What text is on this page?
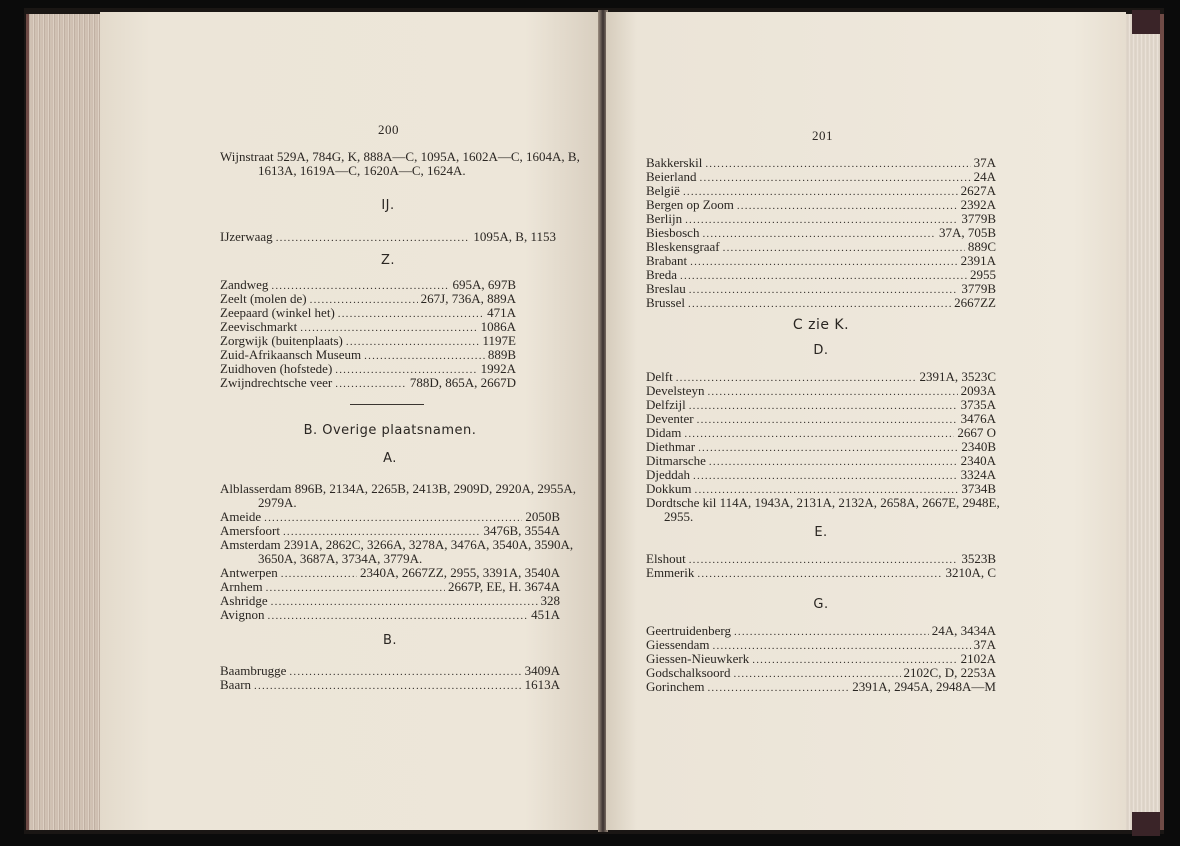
200
Wijnstraat 529A, 784G, K, 888A—C, 1095A, 1602A—C, 1604A, B,
1613A, 1619A—C, 1620A—C, 1624A.
IJ.
IJzerwaag .....	1095A, B, 1153
Z.
Zandweg .....	695A, 697B
Zeelt (molen de) .....	267J, 736A, 889A
Zeepaard (winkel het) .....	471A
Zeevischmarkt .....	1086A
Zorgwijk (buitenplaats) .....	1197E
Zuid-Afrikaansch Museum .....	889B
Zuidhoven (hofstede) .....	1992A
Zwijndrechtsche veer .....	788D, 865A, 2667D
B. Overige plaatsnamen.
A.
Alblasserdam 896B, 2134A, 2265B, 2413B, 2909D, 2920A, 2955A,
2979A.
Ameide .....	2050B
Amersfoort .....	3476B, 3554A
Amsterdam 2391A, 2862C, 3266A, 3278A, 3476A, 3540A, 3590A,
3650A, 3687A, 3734A, 3779A.
Antwerpen .....	2340A, 2667ZZ, 2955, 3391A, 3540A
Arnhem .....	2667P, EE, H. 3674A
Ashridge .....	328
Avignon .....	451A
B.
Baambrugge .....	3409A
Baarn .....	1613A
201
Bakkerskil .....	37A
Beierland .....	24A
België .....	2627A
Bergen op Zoom .....	2392A
Berlijn .....	3779B
Biesbosch .....	37A, 705B
Bleskensgraaf .....	889C
Brabant .....	2391A
Breda .....	2955
Breslau .....	3779B
Brussel .....	2667ZZ
C zie K.
D.
Delft .....	2391A, 3523C
Develsteyn .....	2093A
Delfzijl .....	3735A
Deventer .....	3476A
Didam .....	2667 O
Diethmar .....	2340B
Ditmarsche .....	2340A
Djeddah .....	3324A
Dokkum .....	3734B
Dordtsche kil 114A, 1943A, 2131A, 2132A, 2658A, 2667E, 2948E,
2955.
E.
Elshout .....	3523B
Emmerik .....	3210A, C
G.
Geertruidenberg .....	24A, 3434A
Giessendam .....	37A
Giessen-Nieuwkerk .....	2102A
Godschalksoord .....	2102C, D, 2253A
Gorinchem .....	2391A, 2945A, 2948A—M
